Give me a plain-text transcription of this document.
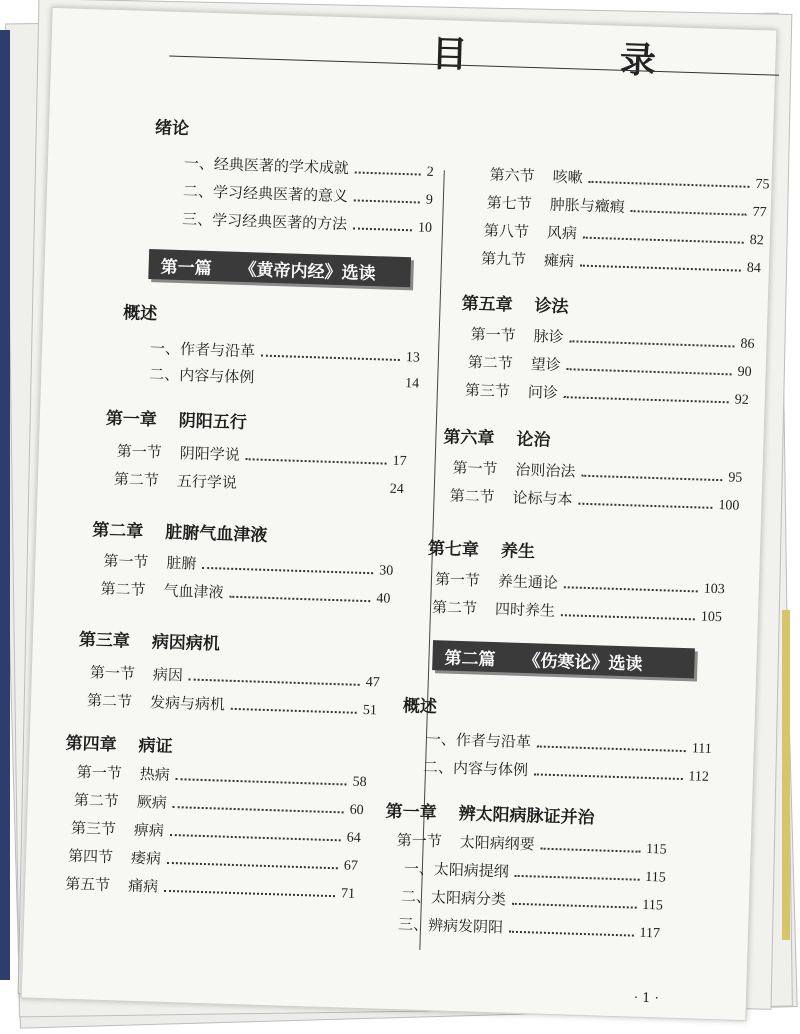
目 录
绪论
一、经典医著的学术成就	2
二、学习经典医著的意义	9
三、学习经典医著的方法	10
第一篇 《黄帝内经》选读
概述
一、作者与沿革	13
二、内容与体例	14
第一章 阴阳五行
第一节 阴阳学说	17
第二节 五行学说	24
第二章 脏腑气血津液
第一节 脏腑	30
第二节 气血津液	40
第三章 病因病机
第一节 病因	47
第二节 发病与病机	51
第四章 病证
第一节 热病	58
第二节 厥病	60
第三节 痹病	64
第四节 痿病	67
第五节 痛病	71
第六节 咳嗽	75
第七节 肿胀与癥瘕	77
第八节 风病	82
第九节 瘫病	84
第五章 诊法
第一节 脉诊	86
第二节 望诊	90
第三节 问诊	92
第六章 论治
第一节 治则治法	95
第二节 论标与本	100
第七章 养生
第一节 养生通论	103
第二节 四时养生	105
第二篇 《伤寒论》选读
概述
一、作者与沿革	111
二、内容与体例	112
第一章 辨太阳病脉证并治
第一节 太阳病纲要	115
一、太阳病提纲	115
二、太阳病分类	115
三、辨病发阴阳	117
· 1 ·
